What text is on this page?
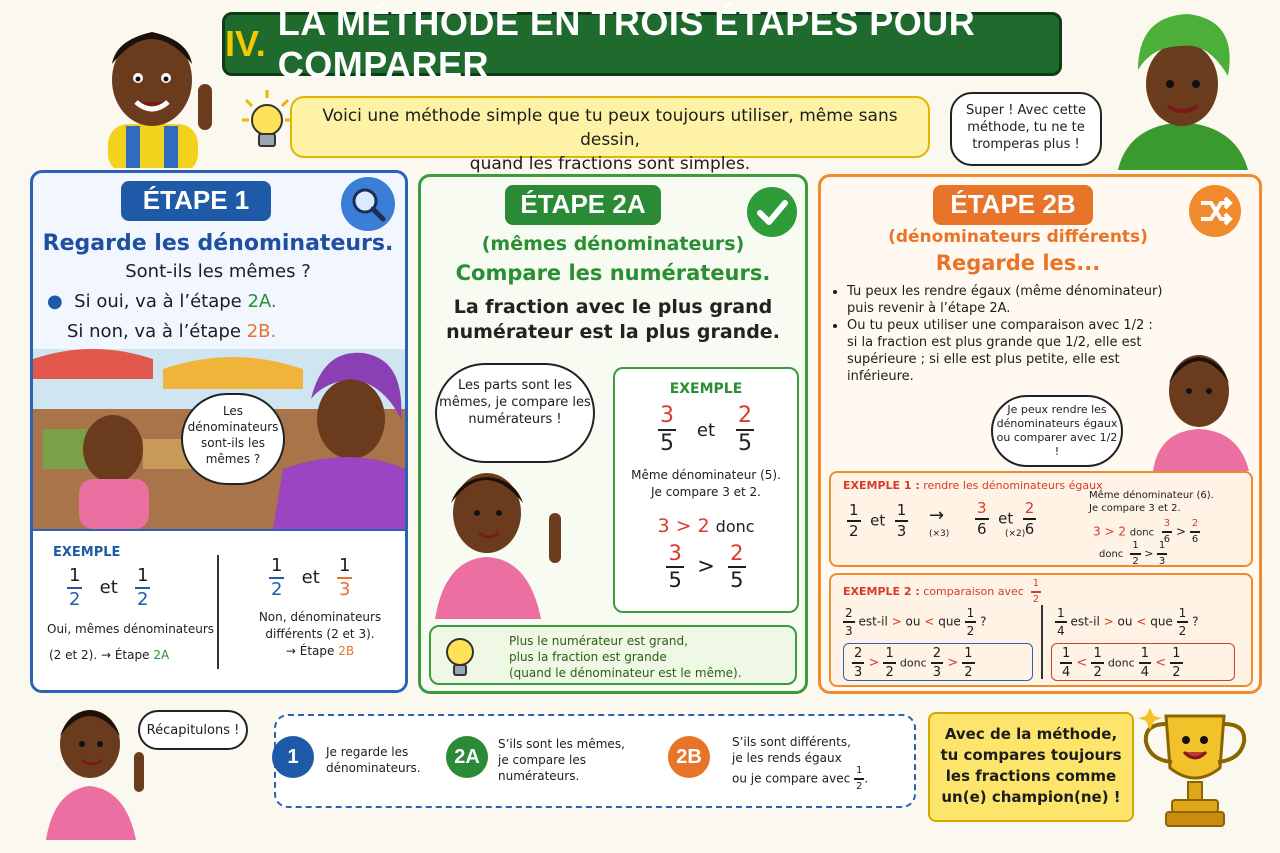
IV.
LA MÉTHODE EN TROIS ÉTAPES POUR COMPARER
Voici une méthode simple que tu peux toujours utiliser, même sans dessin,
quand les fractions sont simples.
Super ! Avec cette méthode, tu ne te tromperas plus !
ÉTAPE 1
Regarde les dénominateurs.
Sont-ils les mêmes ?
● Si oui, va à l’étape 2A.
Si non, va à l’étape 2B.
Les dénominateurs sont-ils les mêmes ?
EXEMPLE
$\frac{1}{2}$ et $\frac{1}{2}$
Oui, mêmes dénominateurs
(2 et 2). → Étape 2A
$\frac{1}{2}$ et $\frac{1}{3}$
Non, dénominateurs
différents (2 et 3).
→ Étape 2B
ÉTAPE 2A
(mêmes dénominateurs)
Compare les numérateurs.
La fraction avec le plus grand
numérateur est la plus grande.
Les parts sont les mêmes, je compare les numérateurs !
EXEMPLE
$\frac{3}{5}$ et $\frac{2}{5}$
Même dénominateur (5).
Je compare 3 et 2.
3 > 2 donc
$\frac{3}{5} > \frac{2}{5}$
Plus le numérateur est grand,
plus la fraction est grande
(quand le dénominateur est le même).
ÉTAPE 2B
(dénominateurs différents)
Regarde les...
• Tu peux les rendre égaux (même dénominateur) puis revenir à l’étape 2A.
• Ou tu peux utiliser une comparaison avec 1/2 : si la fraction est plus grande que 1/2, elle est supérieure ; si elle est plus petite, elle est inférieure.
Je peux rendre les dénominateurs égaux ou comparer avec 1/2 !
EXEMPLE 1 : rendre les dénominateurs égaux
$\frac{1}{2}$ et $\frac{1}{3}$ →
$(\times 3) \frac{3}{6}$ et $\frac{2}{6}$
(×2)
Même dénominateur (6).
Je compare 3 et 2.
3 > 2 donc $\frac{3}{6} > \frac{2}{6}$
donc $\frac{1}{2} > \frac{1}{3}$
EXEMPLE 2 : comparaison avec $\frac{1}{2}$
$\frac{2}{3} est-il$ > ou < que $\frac{1}{2}$ ?
$\frac{2}{3} > \frac{1}{2}$ donc $\frac{2}{3} > \frac{1}{2}$
$\frac{1}{4} est-il$ > ou < que $\frac{1}{2}$ ?
$\frac{1}{4} < \frac{1}{2}$ donc $\frac{1}{4} < \frac{1}{2}$
Récapitulons !
1	Je regarde les
dénominateurs.	2A
S’ils sont les mêmes,
je compare les
numérateurs.
2B
S’ils sont différents,
je les rends égaux
ou je compare avec $\frac{1}{2}$ .
Avec de la méthode,
tu compares toujours
les fractions comme
un(e) champion(ne) !
